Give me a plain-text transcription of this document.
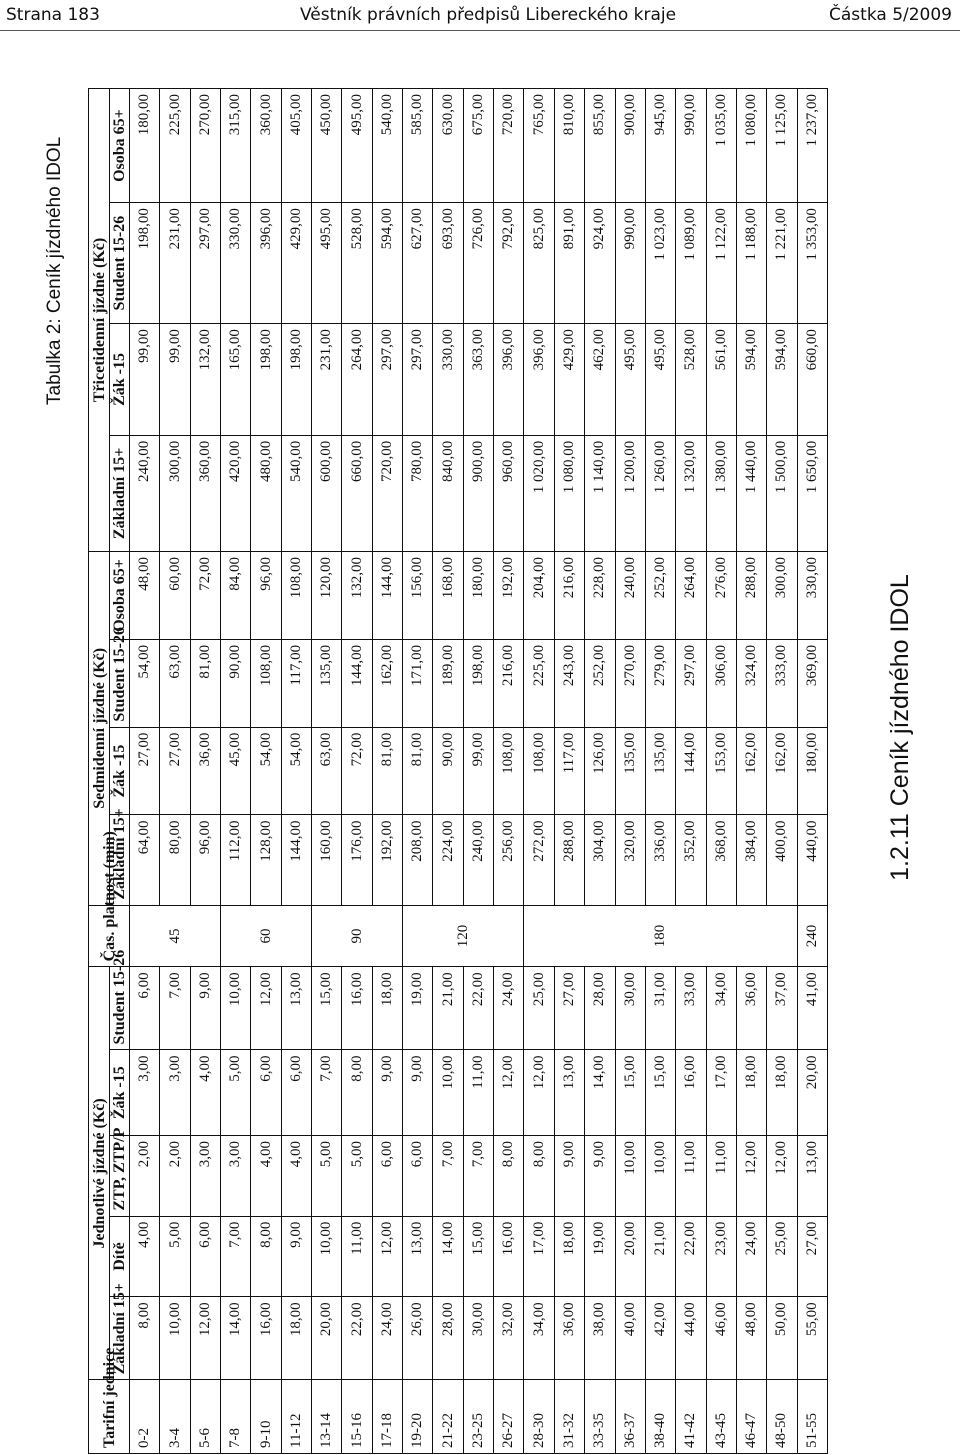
Strana 183	Věstník právních předpisů Libereckého kraje	Částka 5/2009
1.2.11 Ceník jízdného IDOL
Tabulka 2: Ceník jízdného IDOL
Tarifní jednice	Jednotlivé jízdné (Kč)					Čas. platnost (min)	Sedmidenní jízdné (Kč)				Třicetidenní jízdné (Kč)			
	Základní 15+	Dítě	ZTP, ZTP/P	Žák -15	Student 15-26		Základní 15+	Žák -15	Student 15-26	Osoba 65+	Základní 15+	Žák -15	Student 15-26	Osoba 65+
0-2	8,00	4,00	2,00	3,00	6,00	45	64,00	27,00	54,00	48,00	240,00	99,00	198,00	180,00
3-4	10,00	5,00	2,00	3,00	7,00		80,00	27,00	63,00	60,00	300,00	99,00	231,00	225,00
5-6	12,00	6,00	3,00	4,00	9,00		96,00	36,00	81,00	72,00	360,00	132,00	297,00	270,00
7-8	14,00	7,00	3,00	5,00	10,00	60	112,00	45,00	90,00	84,00	420,00	165,00	330,00	315,00
9-10	16,00	8,00	4,00	6,00	12,00		128,00	54,00	108,00	96,00	480,00	198,00	396,00	360,00
11-12	18,00	9,00	4,00	6,00	13,00		144,00	54,00	117,00	108,00	540,00	198,00	429,00	405,00
13-14	20,00	10,00	5,00	7,00	15,00	90	160,00	63,00	135,00	120,00	600,00	231,00	495,00	450,00
15-16	22,00	11,00	5,00	8,00	16,00		176,00	72,00	144,00	132,00	660,00	264,00	528,00	495,00
17-18	24,00	12,00	6,00	9,00	18,00		192,00	81,00	162,00	144,00	720,00	297,00	594,00	540,00
19-20	26,00	13,00	6,00	9,00	19,00	120	208,00	81,00	171,00	156,00	780,00	297,00	627,00	585,00
21-22	28,00	14,00	7,00	10,00	21,00		224,00	90,00	189,00	168,00	840,00	330,00	693,00	630,00
23-25	30,00	15,00	7,00	11,00	22,00		240,00	99,00	198,00	180,00	900,00	363,00	726,00	675,00
26-27	32,00	16,00	8,00	12,00	24,00		256,00	108,00	216,00	192,00	960,00	396,00	792,00	720,00
28-30	34,00	17,00	8,00	12,00	25,00	180	272,00	108,00	225,00	204,00	1 020,00	396,00	825,00	765,00
31-32	36,00	18,00	9,00	13,00	27,00		288,00	117,00	243,00	216,00	1 080,00	429,00	891,00	810,00
33-35	38,00	19,00	9,00	14,00	28,00		304,00	126,00	252,00	228,00	1 140,00	462,00	924,00	855,00
36-37	40,00	20,00	10,00	15,00	30,00		320,00	135,00	270,00	240,00	1 200,00	495,00	990,00	900,00
38-40	42,00	21,00	10,00	15,00	31,00		336,00	135,00	279,00	252,00	1 260,00	495,00	1 023,00	945,00
41-42	44,00	22,00	11,00	16,00	33,00		352,00	144,00	297,00	264,00	1 320,00	528,00	1 089,00	990,00
43-45	46,00	23,00	11,00	17,00	34,00		368,00	153,00	306,00	276,00	1 380,00	561,00	1 122,00	1 035,00
46-47	48,00	24,00	12,00	18,00	36,00		384,00	162,00	324,00	288,00	1 440,00	594,00	1 188,00	1 080,00
48-50	50,00	25,00	12,00	18,00	37,00		400,00	162,00	333,00	300,00	1 500,00	594,00	1 221,00	1 125,00
51-55	55,00	27,00	13,00	20,00	41,00	240	440,00	180,00	369,00	330,00	1 650,00	660,00	1 353,00	1 237,00
